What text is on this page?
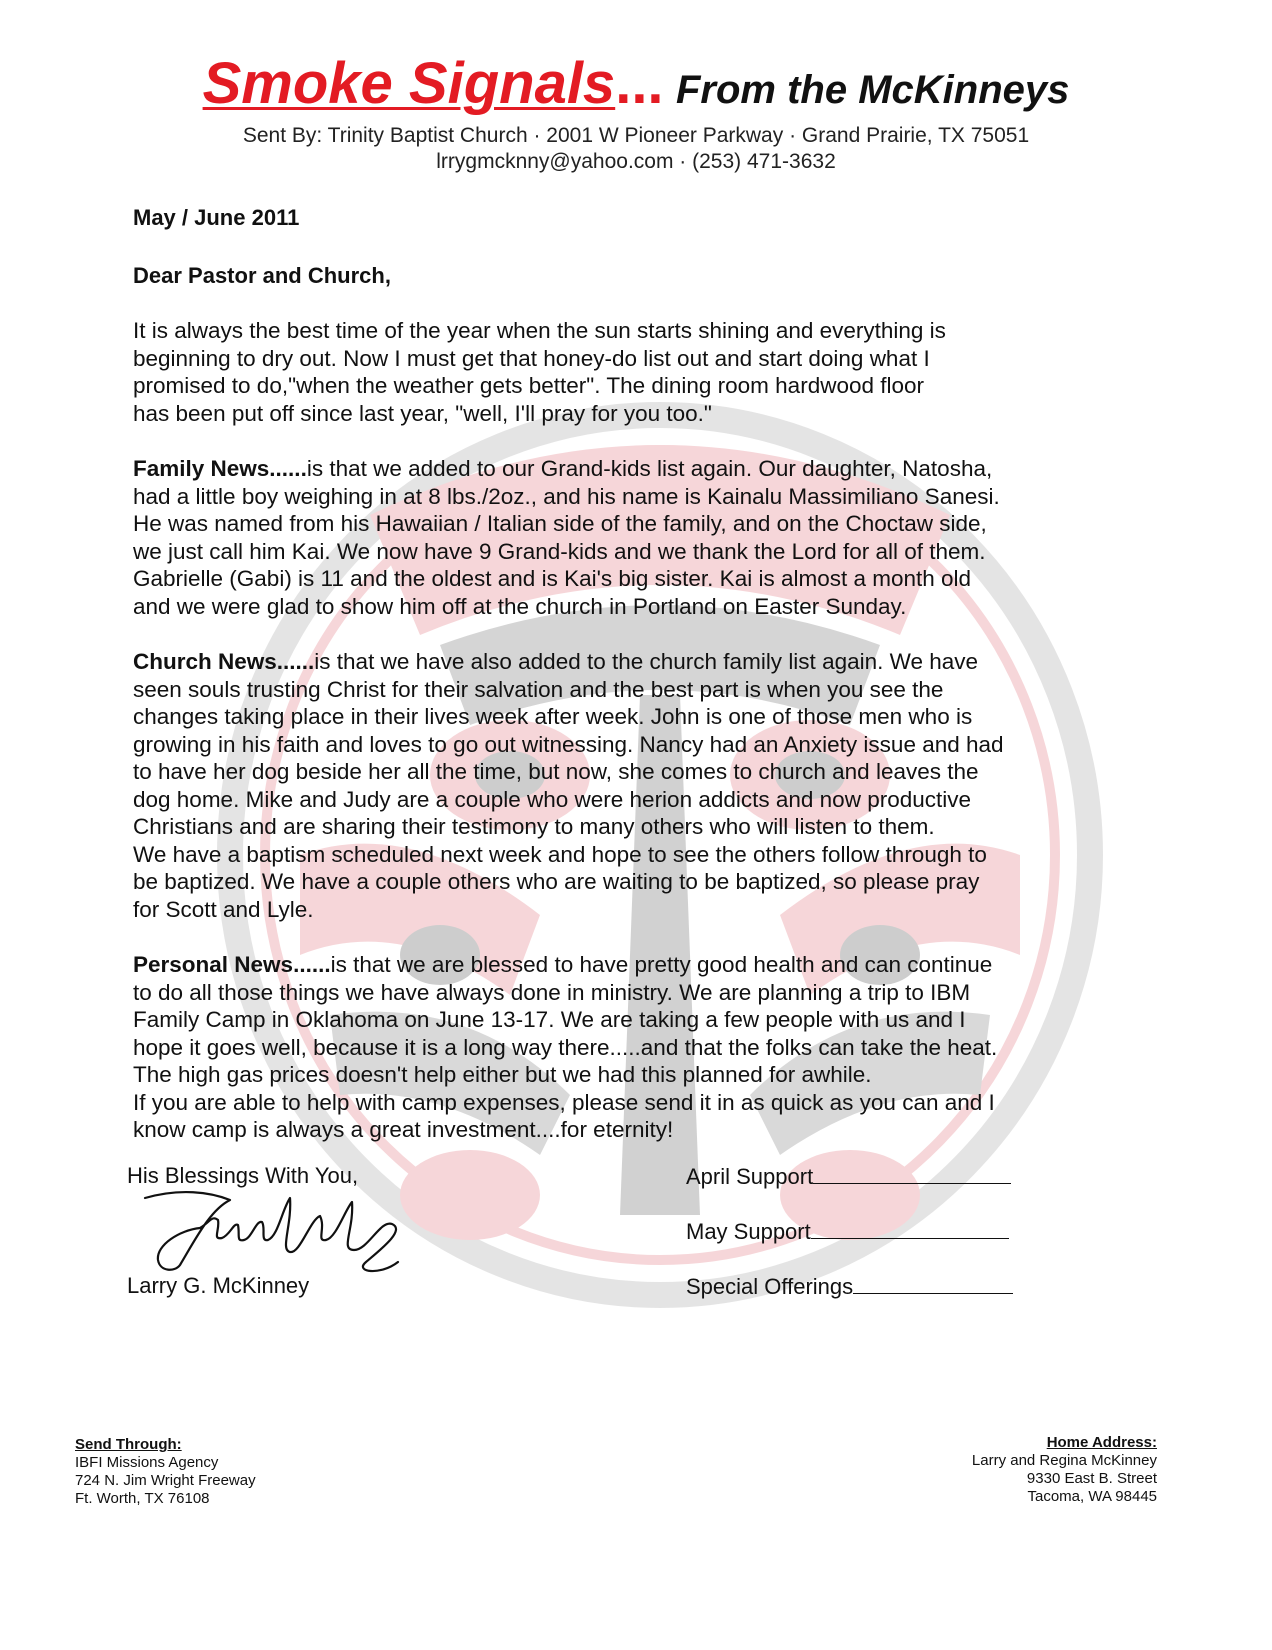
Smoke Signals... From the McKinneys
Sent By: Trinity Baptist Church · 2001 W Pioneer Parkway · Grand Prairie, TX 75051
lrrygmcknny@yahoo.com · (253) 471-3632
May / June 2011
Dear Pastor and Church,
It is always the best time of the year when the sun starts shining and everything is
beginning to dry out. Now I must get that honey-do list out and start doing what I
promised to do,"when the weather gets better". The dining room hardwood floor
has been put off since last year, "well, I'll pray for you too."
Family News......is that we added to our Grand-kids list again. Our daughter, Natosha,
had a little boy weighing in at 8 lbs./2oz., and his name is Kainalu Massimiliano Sanesi.
He was named from his Hawaiian / Italian side of the family, and on the Choctaw side,
we just call him Kai. We now have 9 Grand-kids and we thank the Lord for all of them.
Gabrielle (Gabi) is 11 and the oldest and is Kai's big sister. Kai is almost a month old
and we were glad to show him off at the church in Portland on Easter Sunday.
Church News......is that we have also added to the church family list again. We have
seen souls trusting Christ for their salvation and the best part is when you see the
changes taking place in their lives week after week. John is one of those men who is
growing in his faith and loves to go out witnessing. Nancy had an Anxiety issue and had
to have her dog beside her all the time, but now, she comes to church and leaves the
dog home. Mike and Judy are a couple who were herion addicts and now productive
Christians and are sharing their testimony to many others who will listen to them.
We have a baptism scheduled next week and hope to see the others follow through to
be baptized. We have a couple others who are waiting to be baptized, so please pray
for Scott and Lyle.
Personal News......is that we are blessed to have pretty good health and can continue
to do all those things we have always done in ministry. We are planning a trip to IBM
Family Camp in Oklahoma on June 13-17. We are taking a few people with us and I
hope it goes well, because it is a long way there.....and that the folks can take the heat.
The high gas prices doesn't help either but we had this planned for awhile.
If you are able to help with camp expenses, please send it in as quick as you can and I
know camp is always a great investment....for eternity!
His Blessings With You,
Larry G. McKinney
April Support
May Support
Special Offerings
Send Through:
IBFI Missions Agency
724 N. Jim Wright Freeway
Ft. Worth, TX 76108
Home Address:
Larry and Regina McKinney
9330 East B. Street
Tacoma, WA 98445
